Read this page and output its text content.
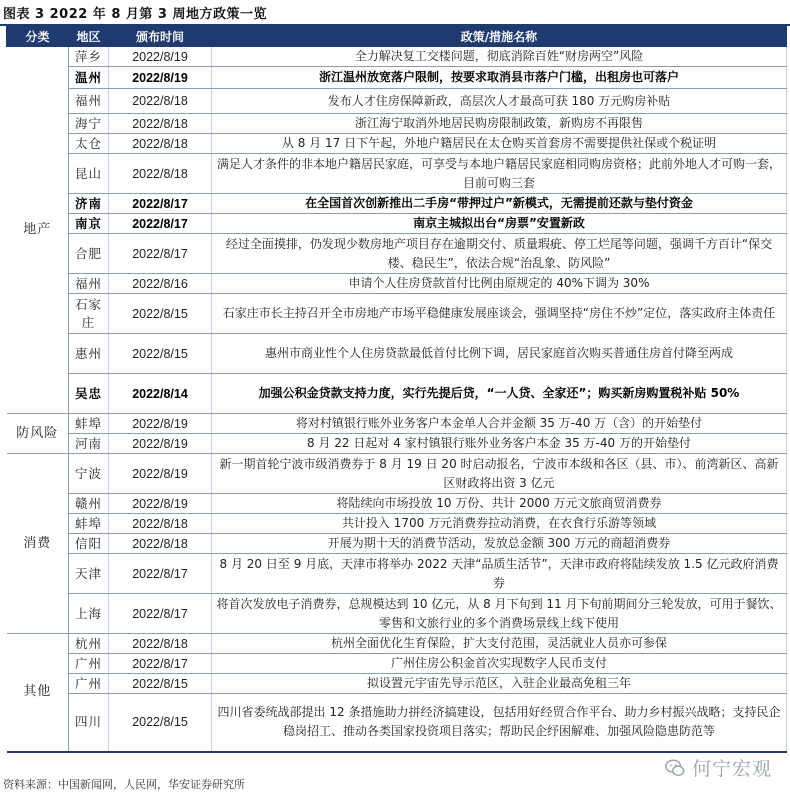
图表 3 2022 年 8 月第 3 周地方政策一览
分类	地区	颁布时间	政策/措施名称
地产	萍乡	2022/8/19	全力解决复工交楼问题，彻底消除百姓“财房两空”风险
	温州	2022/8/19	浙江温州放宽落户限制，按要求取消县市落户门槛，出租房也可落户
	福州	2022/8/18	发布人才住房保障新政，高层次人才最高可获 180 万元购房补贴
	海宁	2022/8/18	浙江海宁取消外地居民购房限制政策，新购房不再限售
	太仓	2022/8/18	从 8 月 17 日下午起，外地户籍居民在太仓购买首套房不需要提供社保或个税证明
	昆山	2022/8/18	满足人才条件的非本地户籍居民家庭，可享受与本地户籍居民家庭相同购房资格；此前外地人才可购一套，目前可购三套
	济南	2022/8/17	在全国首次创新推出二手房“带押过户”新模式，无需提前还款与垫付资金
	南京	2022/8/17	南京主城拟出台“房票”安置新政
	合肥	2022/8/17	经过全面摸排，仍发现少数房地产项目存在逾期交付、质量瑕疵、停工烂尾等问题，强调千方百计“保交楼、稳民生”，依法合规“治乱象、防风险”
	福州	2022/8/16	申请个人住房贷款首付比例由原规定的 40%下调为 30%
	石家庄	2022/8/15	石家庄市长主持召开全市房地产市场平稳健康发展座谈会，强调坚持“房住不炒”定位，落实政府主体责任
	惠州	2022/8/15	惠州市商业性个人住房贷款最低首付比例下调，居民家庭首次购买普通住房首付降至两成
	吴忠	2022/8/14	加强公积金贷款支持力度，实行先提后贷，“一人贷、全家还”；购买新房购置税补贴 50%
防风险	蚌埠	2022/8/19	将对村镇银行账外业务客户本金单人合并金额 35 万-40 万（含）的开始垫付
	河南	2022/8/19	8 月 22 日起对 4 家村镇银行账外业务客户本金 35 万-40 万的开始垫付
消费	宁波	2022/8/19	新一期首轮宁波市级消费券于 8 月 19 日 20 时启动报名，宁波市本级和各区（县、市）、前湾新区、高新区财政将出资 3 亿元
	赣州	2022/8/19	将陆续向市场投放 10 万份、共计 2000 万元文旅商贸消费券
	蚌埠	2022/8/18	共计投入 1700 万元消费券拉动消费，在衣食行乐游等领域
	信阳	2022/8/18	开展为期十天的消费节活动，发放总金额 300 万元的商超消费券
	天津	2022/8/17	8 月 20 日至 9 月底，天津市将举办 2022 天津“品质生活节”，天津市政府将陆续发放 1.5 亿元政府消费券
	上海	2022/8/17	将首次发放电子消费券，总规模达到 10 亿元，从 8 月下旬到 11 月下旬前期间分三轮发放，可用于餐饮、零售和文旅行业的多个消费场景线上线下使用
其他	杭州	2022/8/18	杭州全面优化生育保险，扩大支付范围，灵活就业人员亦可参保
	广州	2022/8/17	广州住房公积金首次实现数字人民币支付
	广州	2022/8/15	拟设置元宇宙先导示范区，入驻企业最高免租三年
	四川	2022/8/15	四川省委统战部提出 12 条措施助力拼经济搞建设，包括用好经贸合作平台、助力乡村振兴战略；支持民企稳岗招工、推动各类国家投资项目落实；帮助民企纾困解难、加强风险隐患防范等
资料来源：中国新闻网，人民网，华安证券研究所
何宁宏观
